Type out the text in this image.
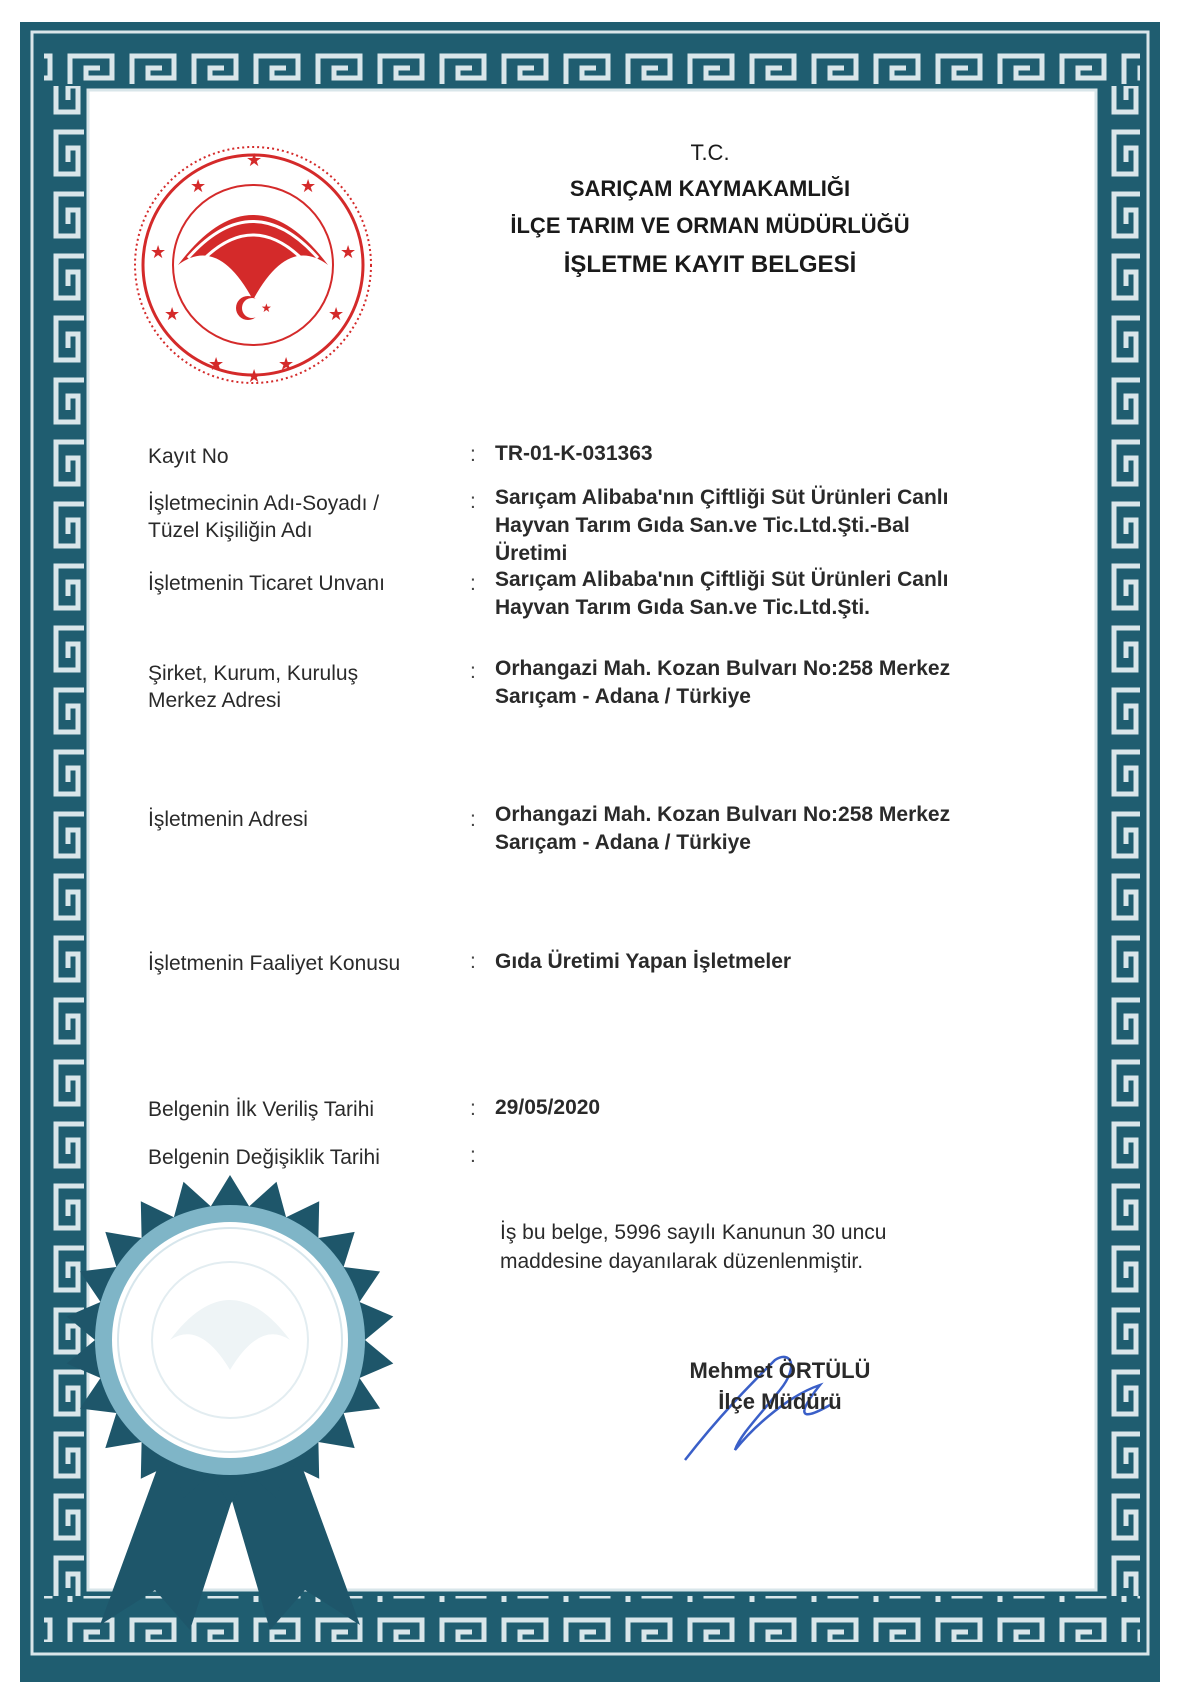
★
★
★	★
★	★
★	★
★	★
★
T.C.
SARIÇAM KAYMAKAMLIĞI
İLÇE TARIM VE ORMAN MÜDÜRLÜĞÜ
İŞLETME KAYIT BELGESİ
Kayıt No	: TR-01-K-031363
İşletmecinin Adı-Soyadı /
Tüzel Kişiliğin Adı
: Sarıçam Alibaba'nın Çiftliği Süt Ürünleri Canlı
Hayvan Tarım Gıda San.ve Tic.Ltd.Şti.-Bal
Üretimi
İşletmenin Ticaret Unvanı	: Sarıçam Alibaba'nın Çiftliği Süt Ürünleri Canlı
Hayvan Tarım Gıda San.ve Tic.Ltd.Şti.
Şirket, Kurum, Kuruluş
Merkez Adresi
: Orhangazi Mah. Kozan Bulvarı No:258 Merkez
Sarıçam - Adana / Türkiye
İşletmenin Adresi	: Orhangazi Mah. Kozan Bulvarı No:258 Merkez
Sarıçam - Adana / Türkiye
İşletmenin Faaliyet Konusu	: Gıda Üretimi Yapan İşletmeler
Belgenin İlk Veriliş Tarihi	: 29/05/2020
Belgenin Değişiklik Tarihi	:
İş bu belge, 5996 sayılı Kanunun 30 uncu
maddesine dayanılarak düzenlenmiştir.
Mehmet ÖRTÜLÜ
İlçe Müdürü
